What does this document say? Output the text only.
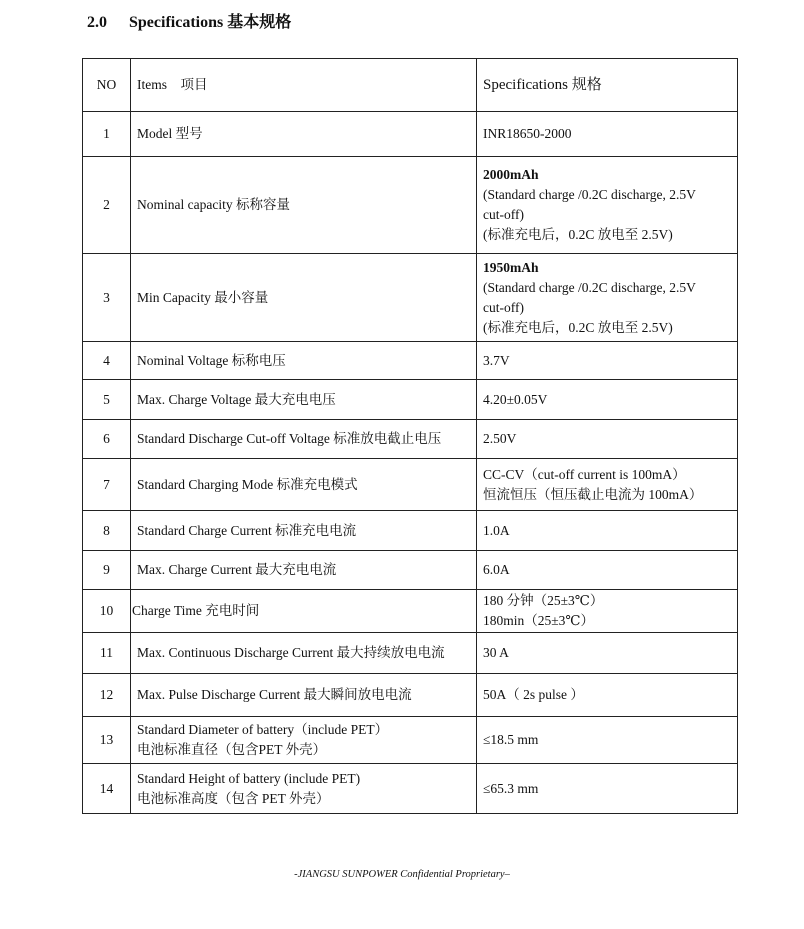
2.0 Specifications 基本规格
NO	Items　项目	Specifications 规格
1	Model 型号	INR18650-2000

2	Nominal capacity 标称容量	2000mAh
(Standard charge /0.2C discharge, 2.5V
cut-off)
(标准充电后，0.2C 放电至 2.5V)

3	Min Capacity 最小容量	1950mAh
(Standard charge /0.2C discharge, 2.5V
cut-off)
(标准充电后，0.2C 放电至 2.5V)

4	Nominal Voltage 标称电压	3.7V

5	Max. Charge Voltage 最大充电电压	4.20±0.05V

6	Standard Discharge Cut-off Voltage 标准放电截止电压	2.50V

7	Standard Charging Mode 标准充电模式	CC-CV（cut-off current is 100mA）
恒流恒压（恒压截止电流为 100mA）

8	Standard Charge Current 标准充电电流	1.0A

9	Max. Charge Current 最大充电电流	6.0A

10	Charge Time 充电时间	180 分钟（25±3℃）
180min（25±3℃）

11	Max. Continuous Discharge Current 最大持续放电电流	30 A

12	Max. Pulse Discharge Current 最大瞬间放电电流	50A（ 2s pulse ）

13	Standard Diameter of battery（include PET）
电池标准直径（包含PET 外壳）	≤18.5 mm

14	Standard Height of battery (include PET)
电池标准高度（包含 PET 外壳）	≤65.3 mm
-JIANGSU SUNPOWER Confidential Proprietary–
